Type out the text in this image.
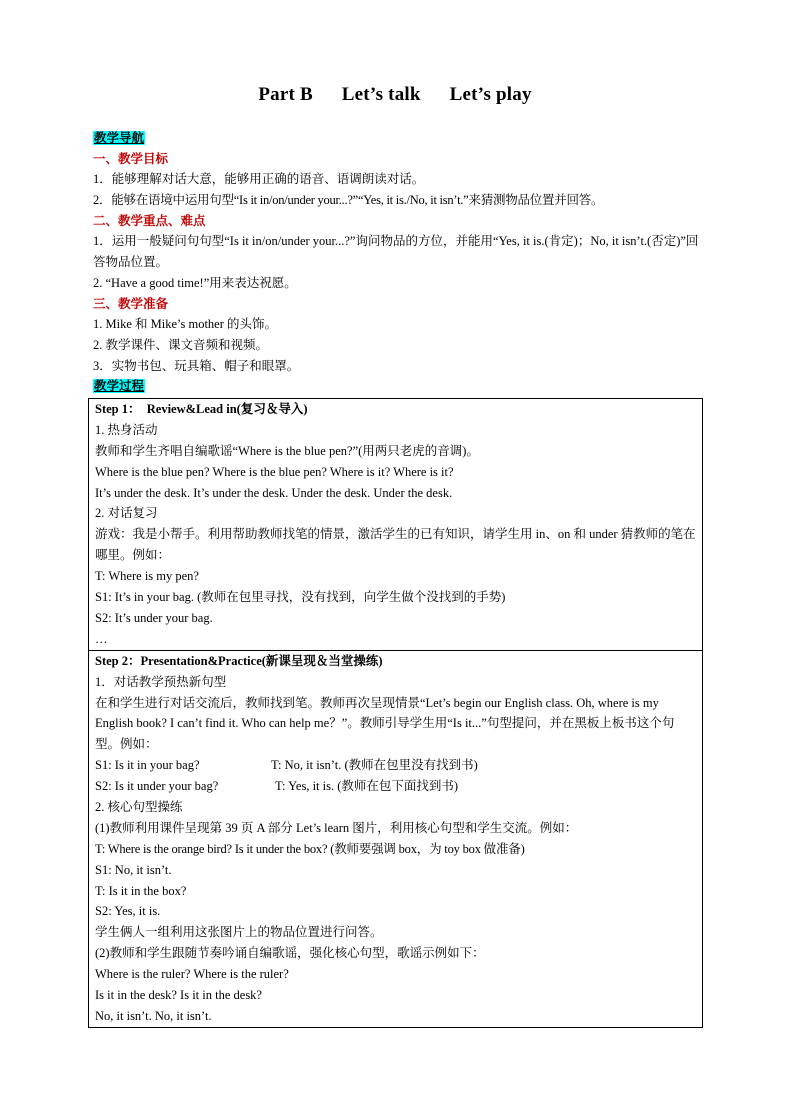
Part B Let’s talk Let’s play
教学导航
一、教学目标
1．能够理解对话大意，能够用正确的语音、语调朗读对话。
2．能够在语境中运用句型“Is it in/on/under your...?”“Yes, it is./No, it isn’t.”来猜测物品位置并回答。
二、教学重点、难点
1．运用一般疑问句句型“Is it in/on/under your...?”询问物品的方位，并能用“Yes, it is.(肯定)；No, it isn’t.(否定)”回答物品位置。
2. “Have a good time!”用来表达祝愿。
三、教学准备
1. Mike 和 Mike’s mother 的头饰。
2. 教学课件、课文音频和视频。
3．实物书包、玩具箱、帽子和眼罩。
教学过程
Step 1：　Review&Lead in(复习＆导入)
1. 热身活动
教师和学生齐唱自编歌谣“Where is the blue pen?”(用两只老虎的音调)。
Where is the blue pen? Where is the blue pen? Where is it? Where is it?
It’s under the desk. It’s under the desk. Under the desk. Under the desk.
2. 对话复习
游戏：我是小帮手。利用帮助教师找笔的情景，激活学生的已有知识，请学生用 in、on 和 under 猜教师的笔在哪里。例如：
T: Where is my pen?
S1: It’s in your bag. (教师在包里寻找，没有找到，向学生做个没找到的手势)
S2: It’s under your bag.
…

Step 2：Presentation&Practice(新课呈现＆当堂操练)
1．对话教学预热新句型
在和学生进行对话交流后，教师找到笔。教师再次呈现情景“Let’s begin our English class. Oh, where is my English book? I can’t find it. Who can help me？”。教师引导学生用“Is it...”句型提问，并在黑板上板书这个句型。例如：
S1: Is it in your bag?	T: No, it isn’t. (教师在包里没有找到书)
S2: Is it under your bag?	T: Yes, it is. (教师在包下面找到书)
2. 核心句型操练
(1)教师利用课件呈现第 39 页 A 部分 Let’s learn 图片，利用核心句型和学生交流。例如：
T: Where is the orange bird? Is it under the box? (教师要强调 box，为 toy box 做准备)
S1: No, it isn’t.
T: Is it in the box?
S2: Yes, it is.
学生俩人一组利用这张图片上的物品位置进行问答。
(2)教师和学生跟随节奏吟诵自编歌谣，强化核心句型，歌谣示例如下：
Where is the ruler? Where is the ruler?
Is it in the desk? Is it in the desk?
No, it isn’t. No, it isn’t.
